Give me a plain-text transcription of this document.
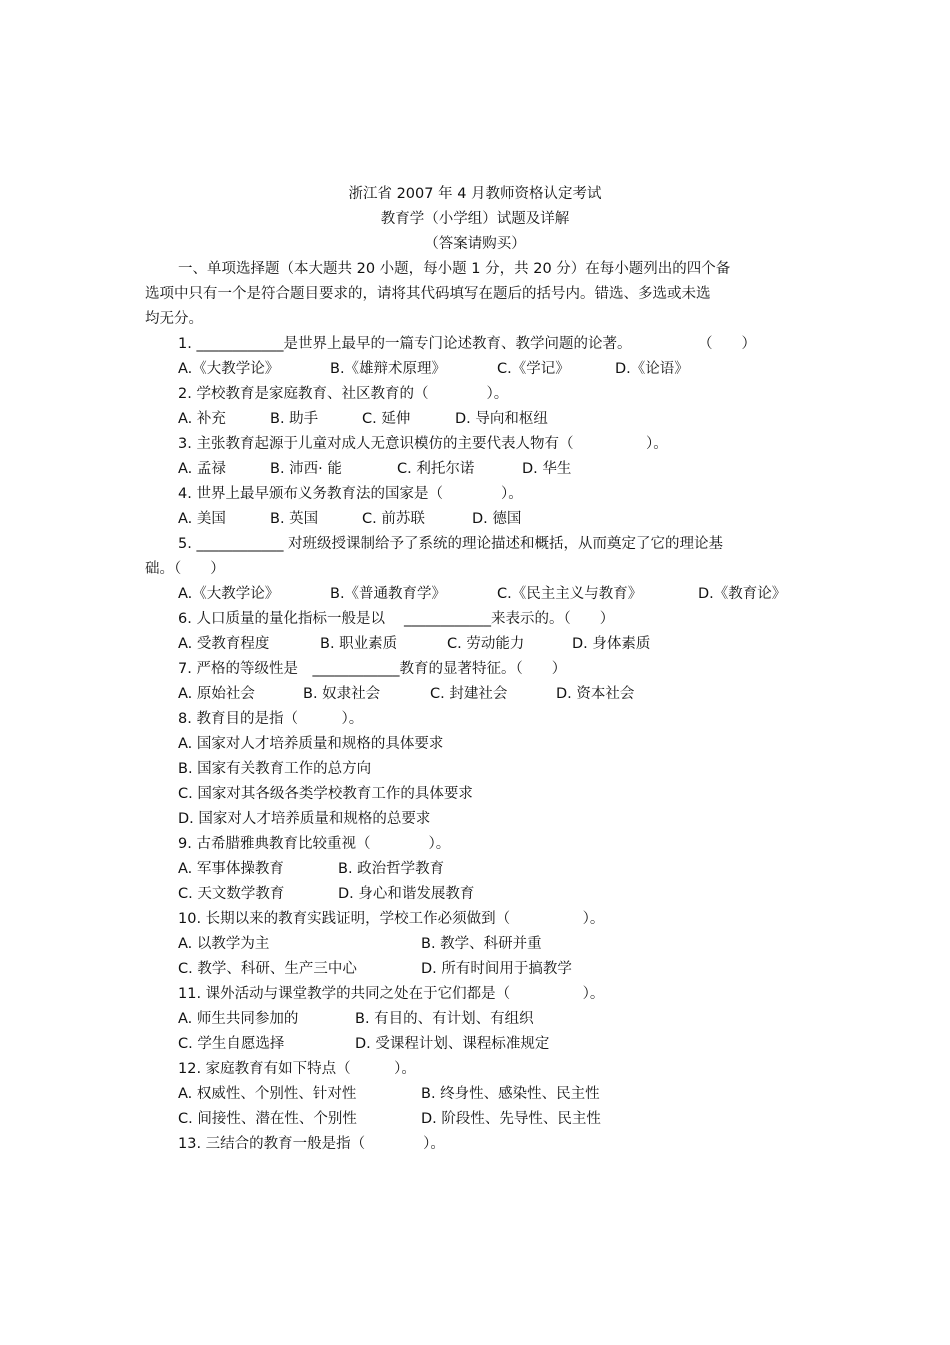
浙江省 2007 年 4 月教师资格认定考试
教育学（小学组）试题及详解
（答案请购买）
一、单项选择题（本大题共 20 小题，每小题 1 分，共 20 分）在每小题列出的四个备
选项中只有一个是符合题目要求的，请将其代码填写在题后的括号内。错选、多选或未选
均无分。
1. ____________是世界上最早的一篇专门论述教育、教学问题的论著。	（　　）
A.《大教学论》	B.《雄辩术原理》	C.《学记》	D.《论语》
2. 学校教育是家庭教育、社区教育的（　　　　）。
A. 补充	B. 助手	C. 延伸	D. 导向和枢纽
3. 主张教育起源于儿童对成人无意识模仿的主要代表人物有（　　　　　）。
A. 孟禄	B. 沛西· 能	C. 利托尔诺	D. 华生
4. 世界上最早颁布义务教育法的国家是（　　　　）。
A. 美国	B. 英国	C. 前苏联	D. 德国
5. ____________ 对班级授课制给予了系统的理论描述和概括，从而奠定了它的理论基
础。（　　）
A.《大教学论》	B.《普通教育学》	C.《民主主义与教育》	D.《教育论》
6. 人口质量的量化指标一般是以　 ____________来表示的。（　　）
A. 受教育程度	B. 职业素质	C. 劳动能力	D. 身体素质
7. 严格的等级性是　____________教育的显著特征。（　　）
A. 原始社会	B. 奴隶社会	C. 封建社会	D. 资本社会
8. 教育目的是指（　　　）。
A. 国家对人才培养质量和规格的具体要求
B. 国家有关教育工作的总方向
C. 国家对其各级各类学校教育工作的具体要求
D. 国家对人才培养质量和规格的总要求
9. 古希腊雅典教育比较重视（　　　　）。
A. 军事体操教育	B. 政治哲学教育
C. 天文数学教育	D. 身心和谐发展教育
10. 长期以来的教育实践证明，学校工作必须做到（　　　　　）。
A. 以教学为主	B. 教学、科研并重
C. 教学、科研、生产三中心	D. 所有时间用于搞教学
11. 课外活动与课堂教学的共同之处在于它们都是（　　　　　）。
A. 师生共同参加的	B. 有目的、有计划、有组织
C. 学生自愿选择	D. 受课程计划、课程标准规定
12. 家庭教育有如下特点（　　　）。
A. 权威性、个别性、针对性	B. 终身性、感染性、民主性
C. 间接性、潜在性、个别性	D. 阶段性、先导性、民主性
13. 三结合的教育一般是指（　　　　）。
